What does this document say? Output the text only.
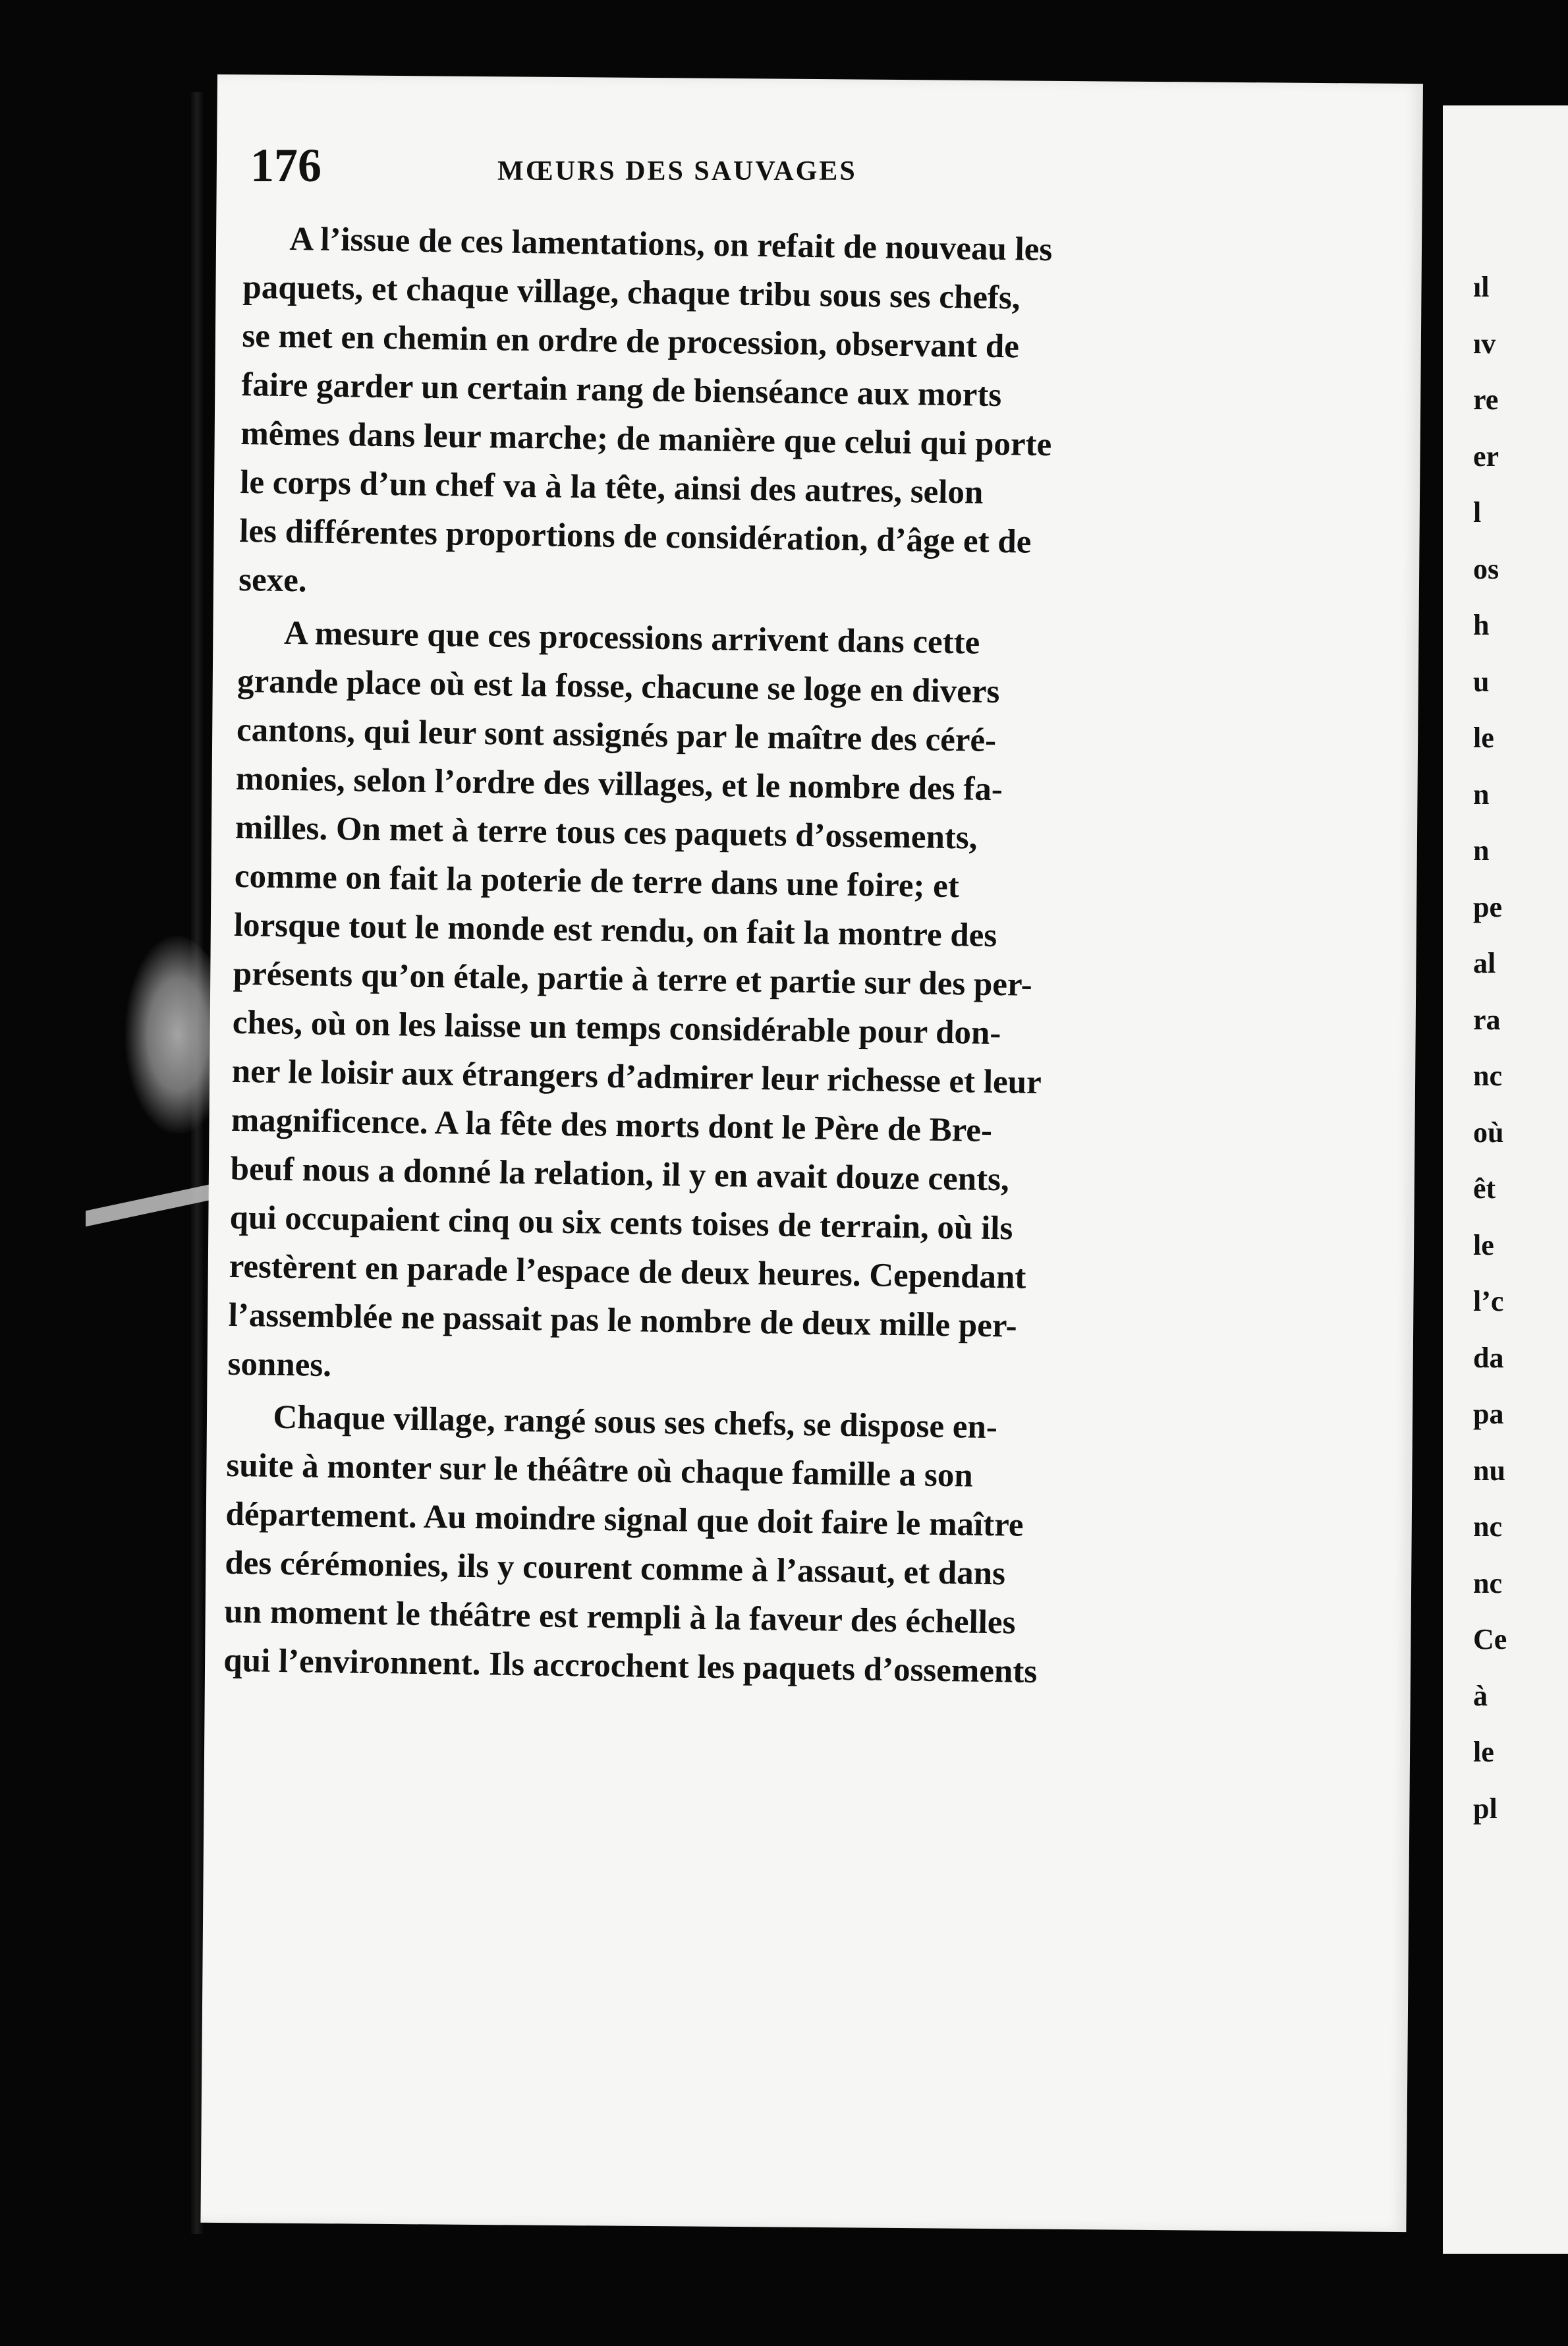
ıl
ıv
re
er
l
os
h
u
le
n
n
pe
al
ra
nc
où
êt
le
l’c
da
pa
nu
nc
nc
Ce
à
le
pl
176	MŒURS DES SAUVAGES

A l’issue de ces lamentations, on refait de nouveau les
paquets, et chaque village, chaque tribu sous ses chefs,
se met en chemin en ordre de procession, observant de
faire garder un certain rang de bienséance aux morts
mêmes dans leur marche; de manière que celui qui porte
le corps d’un chef va à la tête, ainsi des autres, selon
les différentes proportions de considération, d’âge et de
sexe.

A mesure que ces processions arrivent dans cette
grande place où est la fosse, chacune se loge en divers
cantons, qui leur sont assignés par le maître des céré-
monies, selon l’ordre des villages, et le nombre des fa-
milles. On met à terre tous ces paquets d’ossements,
comme on fait la poterie de terre dans une foire; et
lorsque tout le monde est rendu, on fait la montre des
présents qu’on étale, partie à terre et partie sur des per-
ches, où on les laisse un temps considérable pour don-
ner le loisir aux étrangers d’admirer leur richesse et leur
magnificence. A la fête des morts dont le Père de Bre-
beuf nous a donné la relation, il y en avait douze cents,
qui occupaient cinq ou six cents toises de terrain, où ils
restèrent en parade l’espace de deux heures. Cependant
l’assemblée ne passait pas le nombre de deux mille per-
sonnes.

Chaque village, rangé sous ses chefs, se dispose en-
suite à monter sur le théâtre où chaque famille a son
département. Au moindre signal que doit faire le maître
des cérémonies, ils y courent comme à l’assaut, et dans
un moment le théâtre est rempli à la faveur des échelles
qui l’environnent. Ils accrochent les paquets d’ossements
